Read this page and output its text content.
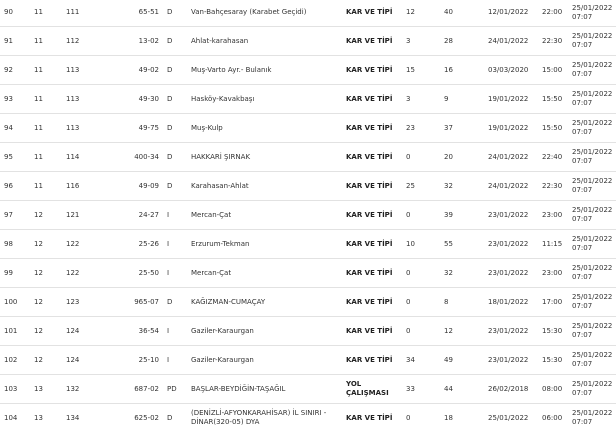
90	11	111	65-51	D	Van-Bahçesaray (Karabet Geçidi)	KAR VE TİPİ	12	40	12/01/2022	22:00	25/01/2022 07:07
91	11	112	13-02	D	Ahlat-karahasan	KAR VE TİPİ	3	28	24/01/2022	22:30	25/01/2022 07:07
92	11	113	49-02	D	Muş-Varto Ayr.- Bulanık	KAR VE TİPİ	15	16	03/03/2020	15:00	25/01/2022 07:07
93	11	113	49-30	D	Hasköy-Kavakbaşı	KAR VE TİPİ	3	9	19/01/2022	15:50	25/01/2022 07:07
94	11	113	49-75	D	Muş-Kulp	KAR VE TİPİ	23	37	19/01/2022	15:50	25/01/2022 07:07
95	11	114	400-34	D	HAKKARİ ŞIRNAK	KAR VE TİPİ	0	20	24/01/2022	22:40	25/01/2022 07:07
96	11	116	49-09	D	Karahasan-Ahlat	KAR VE TİPİ	25	32	24/01/2022	22:30	25/01/2022 07:07
97	12	121	24-27	I	Mercan-Çat	KAR VE TİPİ	0	39	23/01/2022	23:00	25/01/2022 07:07
98	12	122	25-26	I	Erzurum-Tekman	KAR VE TİPİ	10	55	23/01/2022	11:15	25/01/2022 07:07
99	12	122	25-50	I	Mercan-Çat	KAR VE TİPİ	0	32	23/01/2022	23:00	25/01/2022 07:07
100	12	123	965-07	D	KAĞIZMAN-CUMAÇAY	KAR VE TİPİ	0	8	18/01/2022	17:00	25/01/2022 07:07
101	12	124	36-54	I	Gaziler-Karaurgan	KAR VE TİPİ	0	12	23/01/2022	15:30	25/01/2022 07:07
102	12	124	25-10	I	Gaziler-Karaurgan	KAR VE TİPİ	34	49	23/01/2022	15:30	25/01/2022 07:07
103	13	132	687-02	PD	BAŞLAR-BEYDİĞİN-TAŞAĞIL	YOL ÇALIŞMASI	33	44	26/02/2018	08:00	25/01/2022 07:07
104	13	134	625-02	D	(DENİZLİ-AFYONKARAHİSAR) İL SINIRI - DİNAR(320-05) DYA	KAR VE TİPİ	0	18	25/01/2022	06:00	25/01/2022 07:07
